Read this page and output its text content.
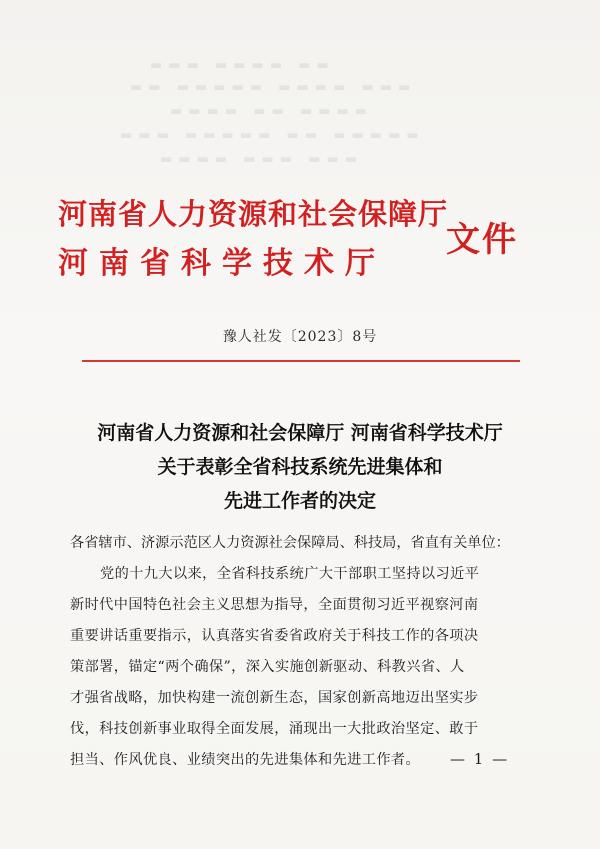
▬▬▬ ▬▬▬▬ ▬▬
▬▬ ▬▬▬▬▬ ▬▬▬▬ ▬▬▬
▬▬▬▬ ▬▬ ▬▬▬▬
▬▬▬ ▬▬▬▬▬ ▬▬ ▬▬▬▬▬
▬▬▬▬ ▬▬▬ ▬▬▬
河南省人力资源和社会保障厅
河南省科学技术厅
文件
豫人社发〔2023〕8号
河南省人力资源和社会保障厅 河南省科学技术厅
关于表彰全省科技系统先进集体和
先进工作者的决定
各省辖市、济源示范区人力资源社会保障局、科技局，省直有关单位：
党的十九大以来，全省科技系统广大干部职工坚持以习近平
新时代中国特色社会主义思想为指导，全面贯彻习近平视察河南
重要讲话重要指示，认真落实省委省政府关于科技工作的各项决
策部署，锚定“两个确保”，深入实施创新驱动、科教兴省、人
才强省战略，加快构建一流创新生态，国家创新高地迈出坚实步
伐，科技创新事业取得全面发展，涌现出一大批政治坚定、敢于
担当、作风优良、业绩突出的先进集体和先进工作者。 — 1 —
